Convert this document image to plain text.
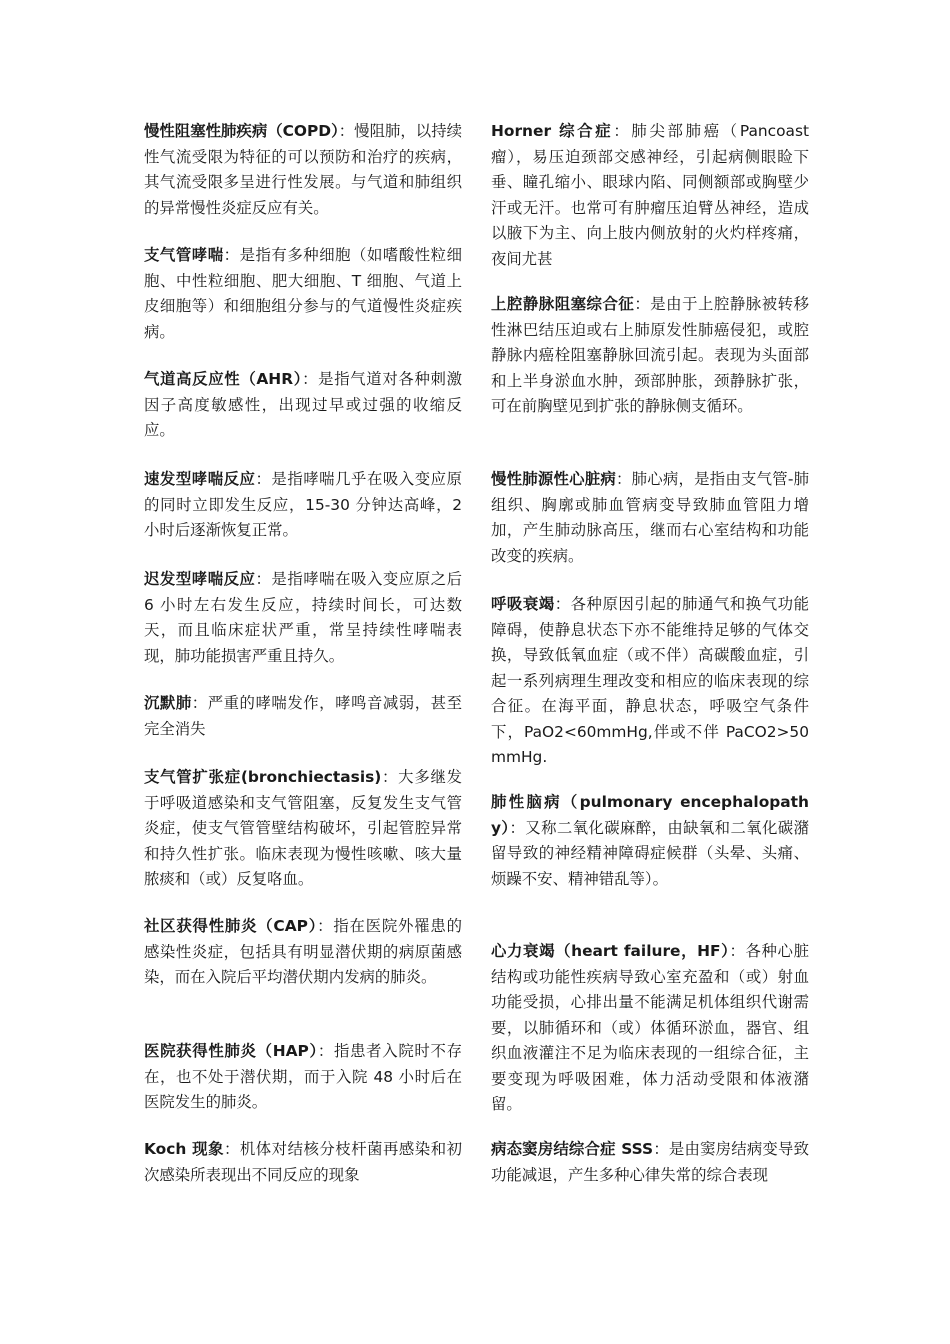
慢性阻塞性肺疾病（COPD）：慢阻肺，以持续性气流受限为特征的可以预防和治疗的疾病，其气流受限多呈进行性发展。与气道和肺组织的异常慢性炎症反应有关。

支气管哮喘：是指有多种细胞（如嗜酸性粒细胞、中性粒细胞、肥大细胞、T 细胞、气道上皮细胞等）和细胞组分参与的气道慢性炎症疾病。

气道高反应性（AHR）：是指气道对各种刺激因子高度敏感性，出现过早或过强的收缩反应。

速发型哮喘反应：是指哮喘几乎在吸入变应原的同时立即发生反应，15-30 分钟达高峰，2 小时后逐渐恢复正常。

迟发型哮喘反应：是指哮喘在吸入变应原之后 6 小时左右发生反应，持续时间长，可达数天，而且临床症状严重，常呈持续性哮喘表现，肺功能损害严重且持久。

沉默肺：严重的哮喘发作，哮鸣音减弱，甚至完全消失

支气管扩张症(bronchiectasis)：大多继发于呼吸道感染和支气管阻塞，反复发生支气管炎症，使支气管管壁结构破坏，引起管腔异常和持久性扩张。临床表现为慢性咳嗽、咳大量脓痰和（或）反复咯血。

社区获得性肺炎（CAP）：指在医院外罹患的感染性炎症，包括具有明显潜伏期的病原菌感染，而在入院后平均潜伏期内发病的肺炎。

医院获得性肺炎（HAP）：指患者入院时不存在，也不处于潜伏期，而于入院 48 小时后在医院发生的肺炎。

Koch 现象：机体对结核分枝杆菌再感染和初次感染所表现出不同反应的现象

Horner 综合症：肺尖部肺癌（Pancoast 瘤），易压迫颈部交感神经，引起病侧眼睑下垂、瞳孔缩小、眼球内陷、同侧额部或胸壁少汗或无汗。也常可有肿瘤压迫臂丛神经，造成以腋下为主、向上肢内侧放射的火灼样疼痛，夜间尤甚

上腔静脉阻塞综合征：是由于上腔静脉被转移性淋巴结压迫或右上肺原发性肺癌侵犯，或腔静脉内癌栓阻塞静脉回流引起。表现为头面部和上半身淤血水肿，颈部肿胀，颈静脉扩张，可在前胸壁见到扩张的静脉侧支循环。

慢性肺源性心脏病：肺心病，是指由支气管-肺组织、胸廓或肺血管病变导致肺血管阻力增加，产生肺动脉高压，继而右心室结构和功能改变的疾病。

呼吸衰竭：各种原因引起的肺通气和换气功能障碍，使静息状态下亦不能维持足够的气体交换，导致低氧血症（或不伴）高碳酸血症，引起一系列病理生理改变和相应的临床表现的综合征。在海平面，静息状态，呼吸空气条件下，PaO2<60mmHg,伴或不伴 PaCO2>50mmHg.

肺性脑病（pulmonary encephalopathy）：又称二氧化碳麻醉，由缺氧和二氧化碳潴留导致的神经精神障碍症候群（头晕、头痛、烦躁不安、精神错乱等）。

心力衰竭（heart failure，HF）：各种心脏结构或功能性疾病导致心室充盈和（或）射血功能受损，心排出量不能满足机体组织代谢需要，以肺循环和（或）体循环淤血，器官、组织血液灌注不足为临床表现的一组综合征，主要变现为呼吸困难，体力活动受限和体液潴留。

病态窦房结综合症 SSS：是由窦房结病变导致功能减退，产生多种心律失常的综合表现
